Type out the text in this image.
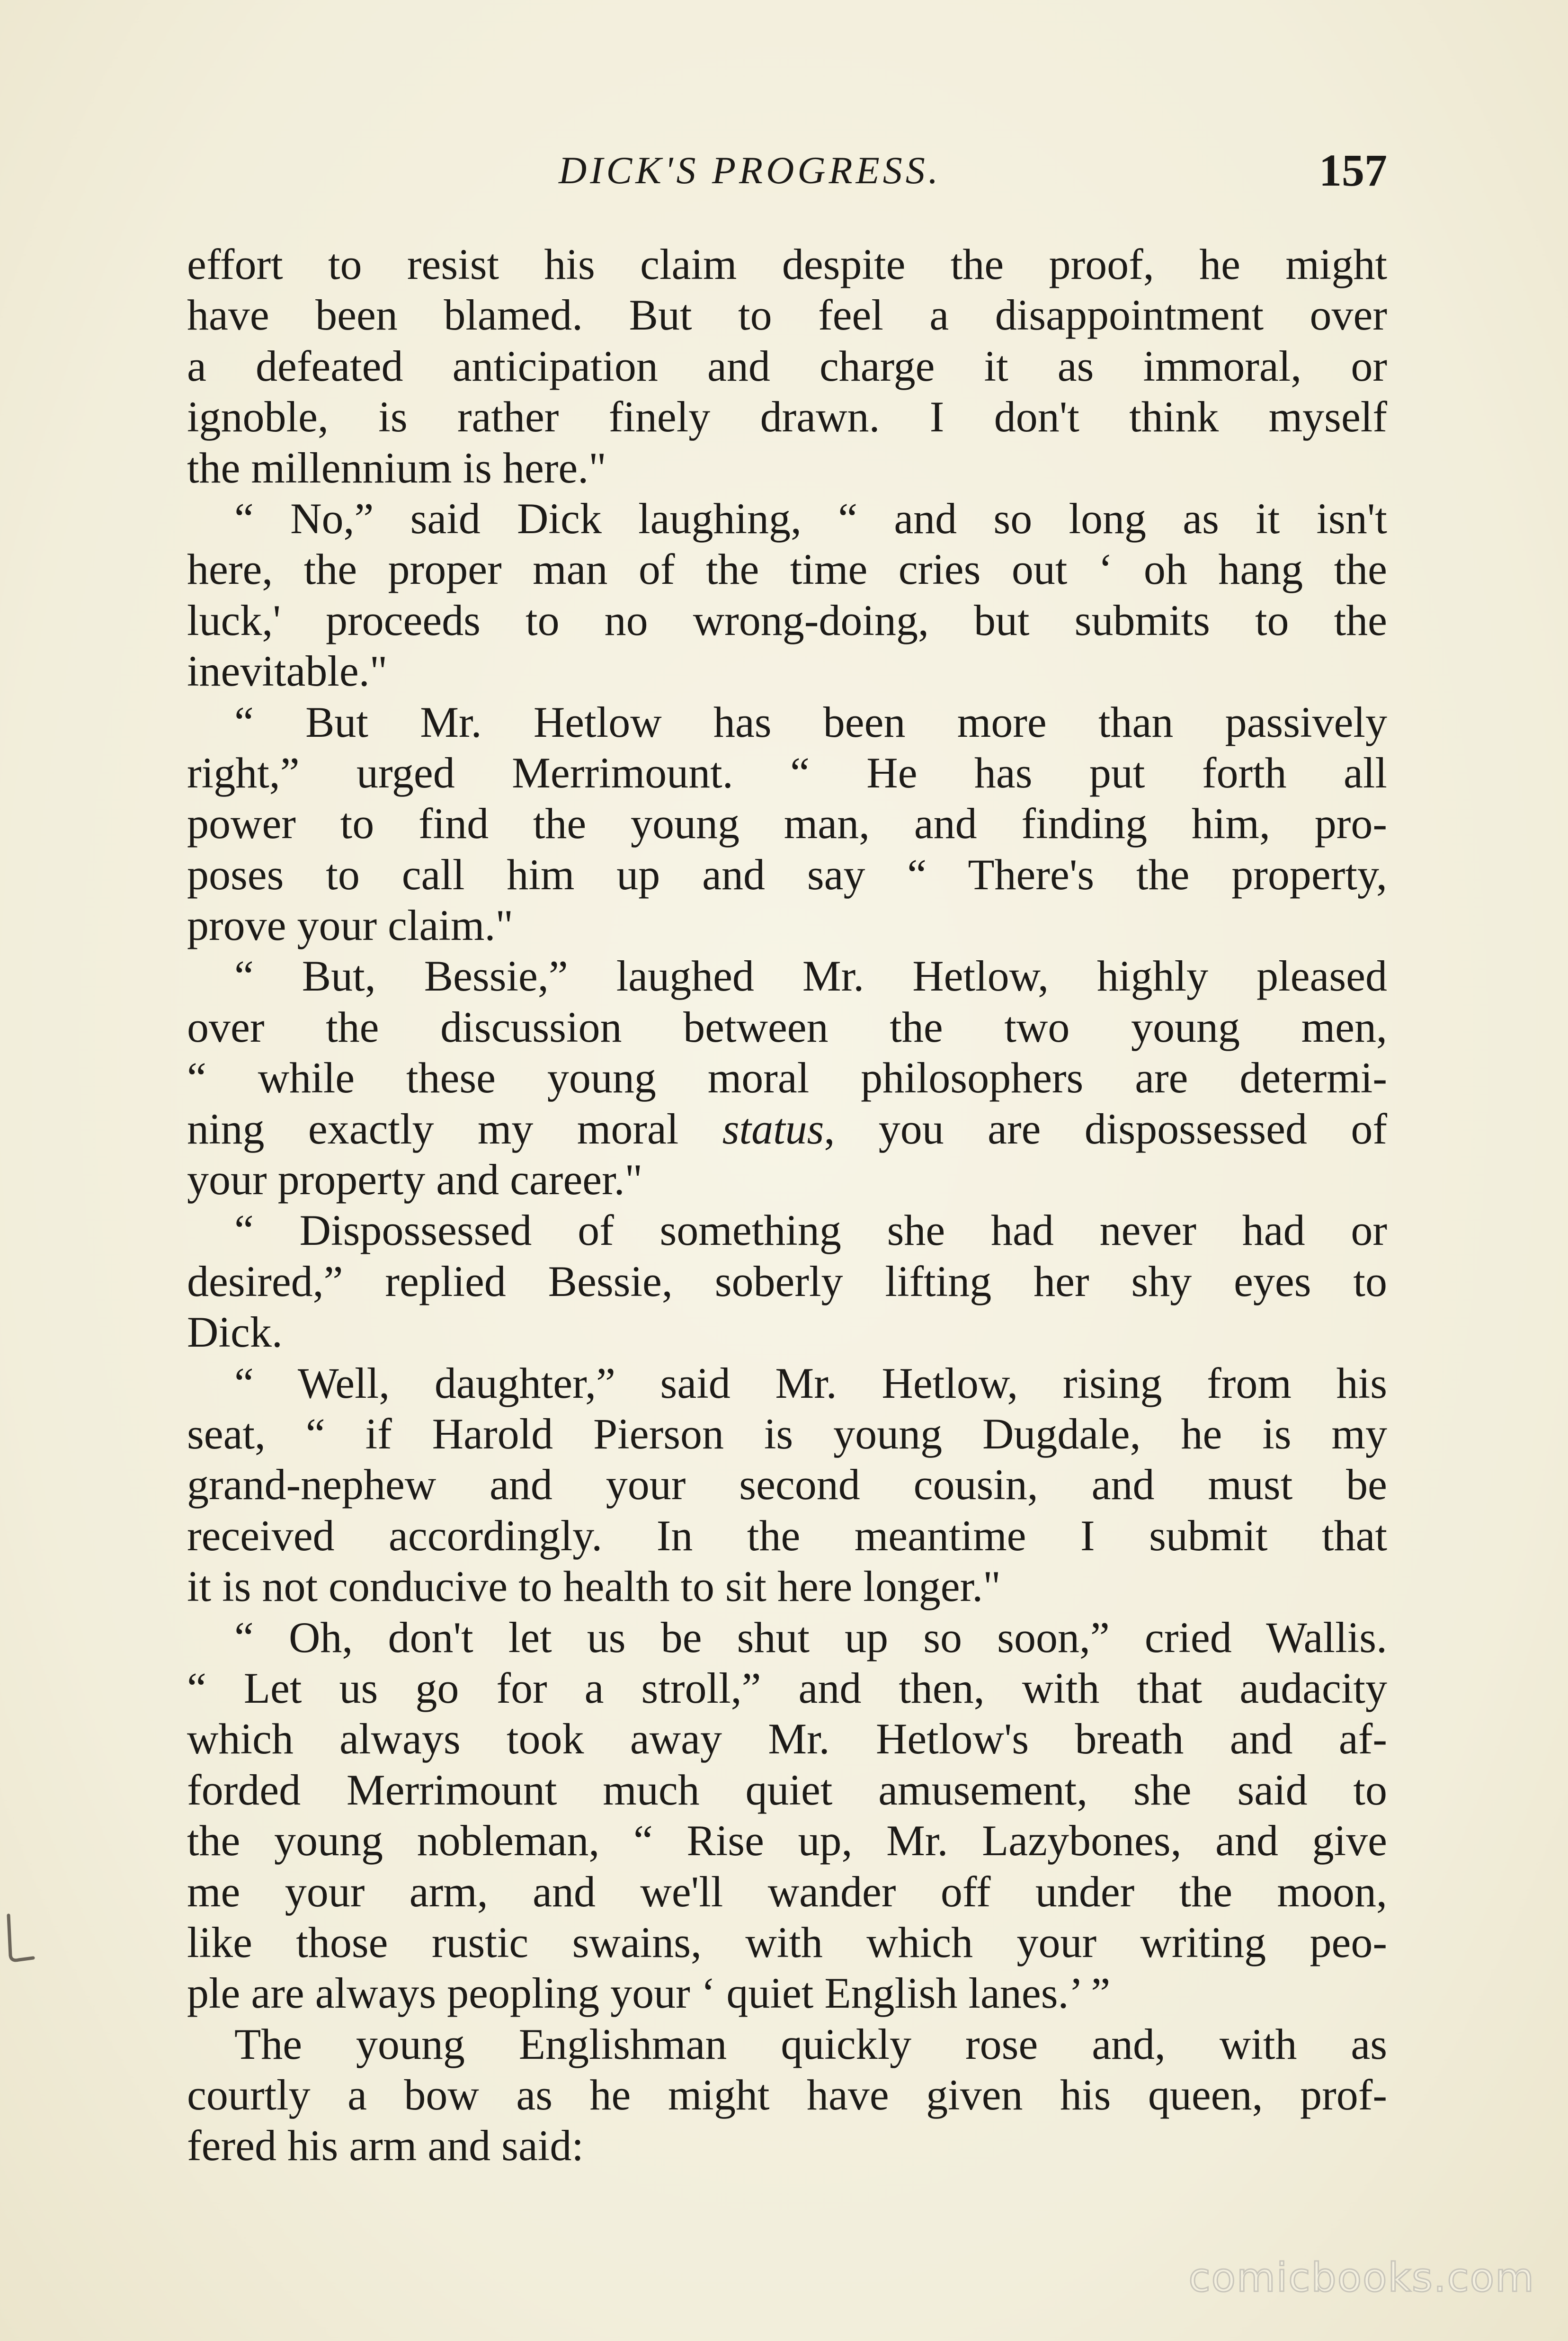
DICK'S PROGRESS.	157
effort to resist his claim despite the proof, he might
have been blamed. But to feel a disappointment over
a defeated anticipation and charge it as immoral, or
ignoble, is rather finely drawn. I don't think myself
the millennium is here."
“ No,” said Dick laughing, “ and so long as it isn't
here, the proper man of the time cries out ‘ oh hang the
luck,' proceeds to no wrong-doing, but submits to the
inevitable."
“ But Mr. Hetlow has been more than passively
right,” urged Merrimount. “ He has put forth all
power to find the young man, and finding him, pro-
poses to call him up and say “ There's the property,
prove your claim."
“ But, Bessie,” laughed Mr. Hetlow, highly pleased
over the discussion between the two young men,
“ while these young moral philosophers are determi-
ning exactly my moral status, you are dispossessed of
your property and career."
“ Dispossessed of something she had never had or
desired,” replied Bessie, soberly lifting her shy eyes to
Dick.
“ Well, daughter,” said Mr. Hetlow, rising from his
seat, “ if Harold Pierson is young Dugdale, he is my
grand-nephew and your second cousin, and must be
received accordingly. In the meantime I submit that
it is not conducive to health to sit here longer."
“ Oh, don't let us be shut up so soon,” cried Wallis.
“ Let us go for a stroll,” and then, with that audacity
which always took away Mr. Hetlow's breath and af-
forded Merrimount much quiet amusement, she said to
the young nobleman, “ Rise up, Mr. Lazybones, and give
me your arm, and we'll wander off under the moon,
like those rustic swains, with which your writing peo-
ple are always peopling your ‘ quiet English lanes.’ ”
The young Englishman quickly rose and, with as
courtly a bow as he might have given his queen, prof-
fered his arm and said:
comicbooks.com
